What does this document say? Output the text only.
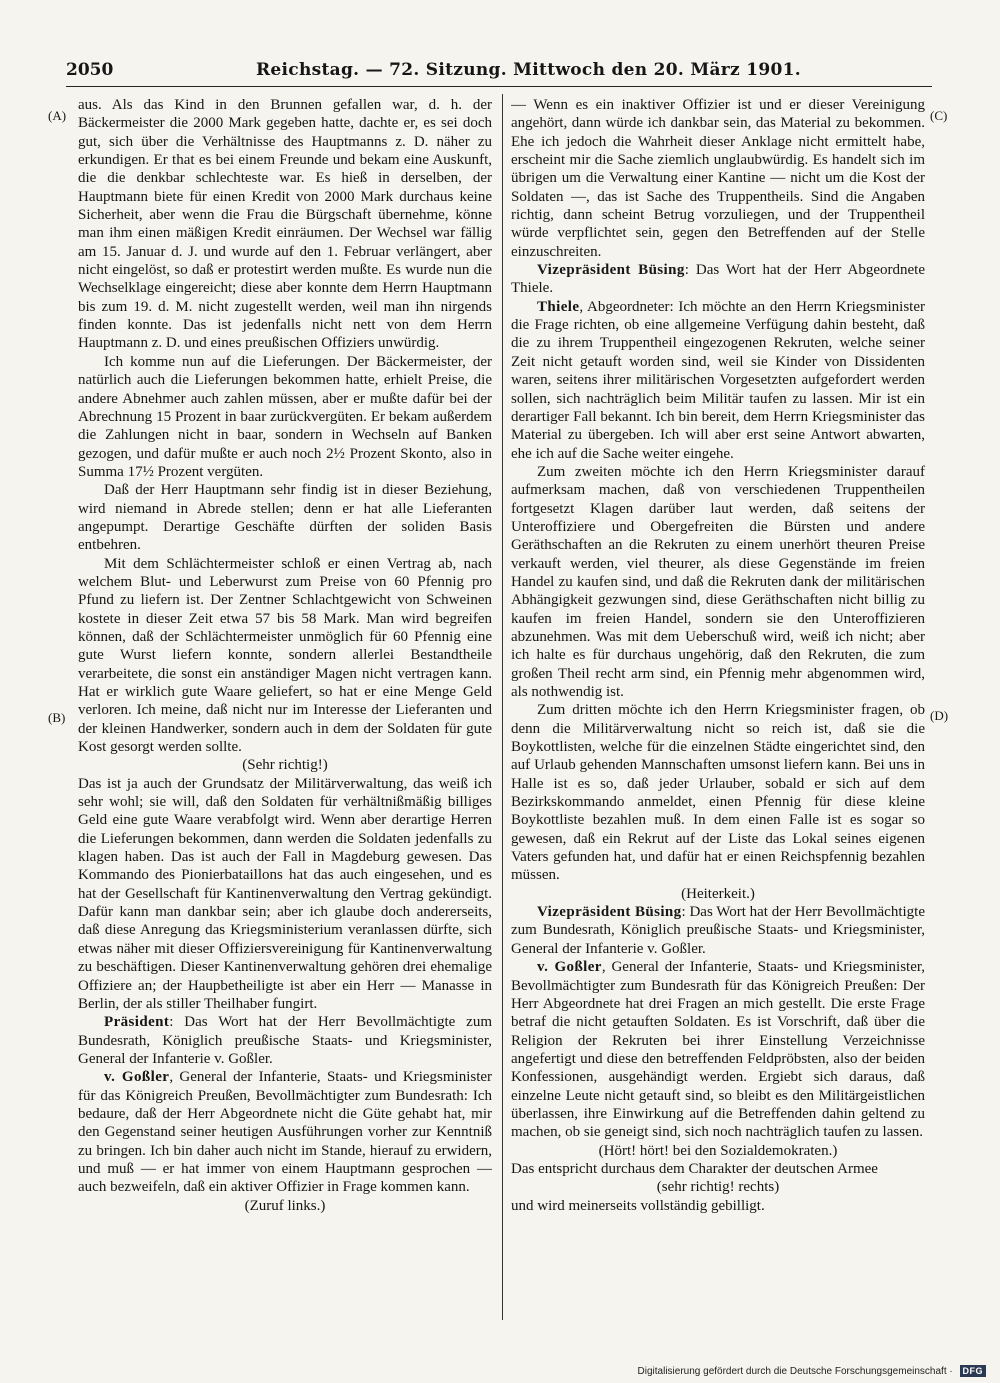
2050	Reichstag. — 72. Sitzung. Mittwoch den 20. März 1901.
(A)
(B)
(C)
(D)

aus. Als das Kind in den Brunnen gefallen war, d. h. der Bäckermeister die 2000 Mark gegeben hatte, dachte er, es sei doch gut, sich über die Verhältnisse des Hauptmanns z. D. näher zu erkundigen. Er that es bei einem Freunde und bekam eine Auskunft, die die denkbar schlechteste war. Es hieß in derselben, der Hauptmann biete für einen Kredit von 2000 Mark durchaus keine Sicherheit, aber wenn die Frau die Bürgschaft übernehme, könne man ihm einen mäßigen Kredit einräumen. Der Wechsel war fällig am 15. Januar d. J. und wurde auf den 1. Februar verlängert, aber nicht eingelöst, so daß er protestirt werden mußte. Es wurde nun die Wechselklage eingereicht; diese aber konnte dem Herrn Hauptmann bis zum 19. d. M. nicht zugestellt werden, weil man ihn nirgends finden konnte. Das ist jedenfalls nicht nett von dem Herrn Hauptmann z. D. und eines preußischen Offiziers unwürdig.

Ich komme nun auf die Lieferungen. Der Bäckermeister, der natürlich auch die Lieferungen bekommen hatte, erhielt Preise, die andere Abnehmer auch zahlen müssen, aber er mußte dafür bei der Abrechnung 15 Prozent in baar zurückvergüten. Er bekam außerdem die Zahlungen nicht in baar, sondern in Wechseln auf Banken gezogen, und dafür mußte er auch noch 2½ Prozent Skonto, also in Summa 17½ Prozent vergüten.

Daß der Herr Hauptmann sehr findig ist in dieser Beziehung, wird niemand in Abrede stellen; denn er hat alle Lieferanten angepumpt. Derartige Geschäfte dürften der soliden Basis entbehren.

Mit dem Schlächtermeister schloß er einen Vertrag ab, nach welchem Blut- und Leberwurst zum Preise von 60 Pfennig pro Pfund zu liefern ist. Der Zentner Schlachtgewicht von Schweinen kostete in dieser Zeit etwa 57 bis 58 Mark. Man wird begreifen können, daß der Schlächtermeister unmöglich für 60 Pfennig eine gute Wurst liefern konnte, sondern allerlei Bestandtheile verarbeitete, die sonst ein anständiger Magen nicht vertragen kann. Hat er wirklich gute Waare geliefert, so hat er eine Menge Geld verloren. Ich meine, daß nicht nur im Interesse der Lieferanten und der kleinen Handwerker, sondern auch in dem der Soldaten für gute Kost gesorgt werden sollte.

(Sehr richtig!)

Das ist ja auch der Grundsatz der Militärverwaltung, das weiß ich sehr wohl; sie will, daß den Soldaten für verhältnißmäßig billiges Geld eine gute Waare verabfolgt wird. Wenn aber derartige Herren die Lieferungen bekommen, dann werden die Soldaten jedenfalls zu klagen haben. Das ist auch der Fall in Magdeburg gewesen. Das Kommando des Pionierbataillons hat das auch eingesehen, und es hat der Gesellschaft für Kantinenverwaltung den Vertrag gekündigt. Dafür kann man dankbar sein; aber ich glaube doch andererseits, daß diese Anregung das Kriegsministerium veranlassen dürfte, sich etwas näher mit dieser Offiziersvereinigung für Kantinenverwaltung zu beschäftigen. Dieser Kantinenverwaltung gehören drei ehemalige Offiziere an; der Haupbetheiligte ist aber ein Herr — Manasse in Berlin, der als stiller Theilhaber fungirt.

Präsident: Das Wort hat der Herr Bevollmächtigte zum Bundesrath, Königlich preußische Staats- und Kriegsminister, General der Infanterie v. Goßler.

v. Goßler, General der Infanterie, Staats- und Kriegsminister für das Königreich Preußen, Bevollmächtigter zum Bundesrath: Ich bedaure, daß der Herr Abgeordnete nicht die Güte gehabt hat, mir den Gegenstand seiner heutigen Ausführungen vorher zur Kenntniß zu bringen. Ich bin daher auch nicht im Stande, hierauf zu erwidern, und muß — er hat immer von einem Hauptmann gesprochen — auch bezweifeln, daß ein aktiver Offizier in Frage kommen kann.

(Zuruf links.)

— Wenn es ein inaktiver Offizier ist und er dieser Vereinigung angehört, dann würde ich dankbar sein, das Material zu bekommen. Ehe ich jedoch die Wahrheit dieser Anklage nicht ermittelt habe, erscheint mir die Sache ziemlich unglaubwürdig. Es handelt sich im übrigen um die Verwaltung einer Kantine — nicht um die Kost der Soldaten —, das ist Sache des Truppentheils. Sind die Angaben richtig, dann scheint Betrug vorzuliegen, und der Truppentheil würde verpflichtet sein, gegen den Betreffenden auf der Stelle einzuschreiten.

Vizepräsident Büsing: Das Wort hat der Herr Abgeordnete Thiele.

Thiele, Abgeordneter: Ich möchte an den Herrn Kriegsminister die Frage richten, ob eine allgemeine Verfügung dahin besteht, daß die zu ihrem Truppentheil eingezogenen Rekruten, welche seiner Zeit nicht getauft worden sind, weil sie Kinder von Dissidenten waren, seitens ihrer militärischen Vorgesetzten aufgefordert werden sollen, sich nachträglich beim Militär taufen zu lassen. Mir ist ein derartiger Fall bekannt. Ich bin bereit, dem Herrn Kriegsminister das Material zu übergeben. Ich will aber erst seine Antwort abwarten, ehe ich auf die Sache weiter eingehe.

Zum zweiten möchte ich den Herrn Kriegsminister darauf aufmerksam machen, daß von verschiedenen Truppentheilen fortgesetzt Klagen darüber laut werden, daß seitens der Unteroffiziere und Obergefreiten die Bürsten und andere Geräthschaften an die Rekruten zu einem unerhört theuren Preise verkauft werden, viel theurer, als diese Gegenstände im freien Handel zu kaufen sind, und daß die Rekruten dank der militärischen Abhängigkeit gezwungen sind, diese Geräthschaften nicht billig zu kaufen im freien Handel, sondern sie den Unteroffizieren abzunehmen. Was mit dem Ueberschuß wird, weiß ich nicht; aber ich halte es für durchaus ungehörig, daß den Rekruten, die zum großen Theil recht arm sind, ein Pfennig mehr abgenommen wird, als nothwendig ist.

Zum dritten möchte ich den Herrn Kriegsminister fragen, ob denn die Militärverwaltung nicht so reich ist, daß sie die Boykottlisten, welche für die einzelnen Städte eingerichtet sind, den auf Urlaub gehenden Mannschaften umsonst liefern kann. Bei uns in Halle ist es so, daß jeder Urlauber, sobald er sich auf dem Bezirkskommando anmeldet, einen Pfennig für diese kleine Boykottliste bezahlen muß. In dem einen Falle ist es sogar so gewesen, daß ein Rekrut auf der Liste das Lokal seines eigenen Vaters gefunden hat, und dafür hat er einen Reichspfennig bezahlen müssen.

(Heiterkeit.)

Vizepräsident Büsing: Das Wort hat der Herr Bevollmächtigte zum Bundesrath, Königlich preußische Staats- und Kriegsminister, General der Infanterie v. Goßler.

v. Goßler, General der Infanterie, Staats- und Kriegsminister, Bevollmächtigter zum Bundesrath für das Königreich Preußen: Der Herr Abgeordnete hat drei Fragen an mich gestellt. Die erste Frage betraf die nicht getauften Soldaten. Es ist Vorschrift, daß über die Religion der Rekruten bei ihrer Einstellung Verzeichnisse angefertigt und diese den betreffenden Feldpröbsten, also der beiden Konfessionen, ausgehändigt werden. Ergiebt sich daraus, daß einzelne Leute nicht getauft sind, so bleibt es den Militärgeistlichen überlassen, ihre Einwirkung auf die Betreffenden dahin geltend zu machen, ob sie geneigt sind, sich noch nachträglich taufen zu lassen.

(Hört! hört! bei den Sozialdemokraten.)

Das entspricht durchaus dem Charakter der deutschen Armee

(sehr richtig! rechts)

und wird meinerseits vollständig gebilligt.

Digitalisierung gefördert durch die Deutsche Forschungsgemeinschaft · DFG
